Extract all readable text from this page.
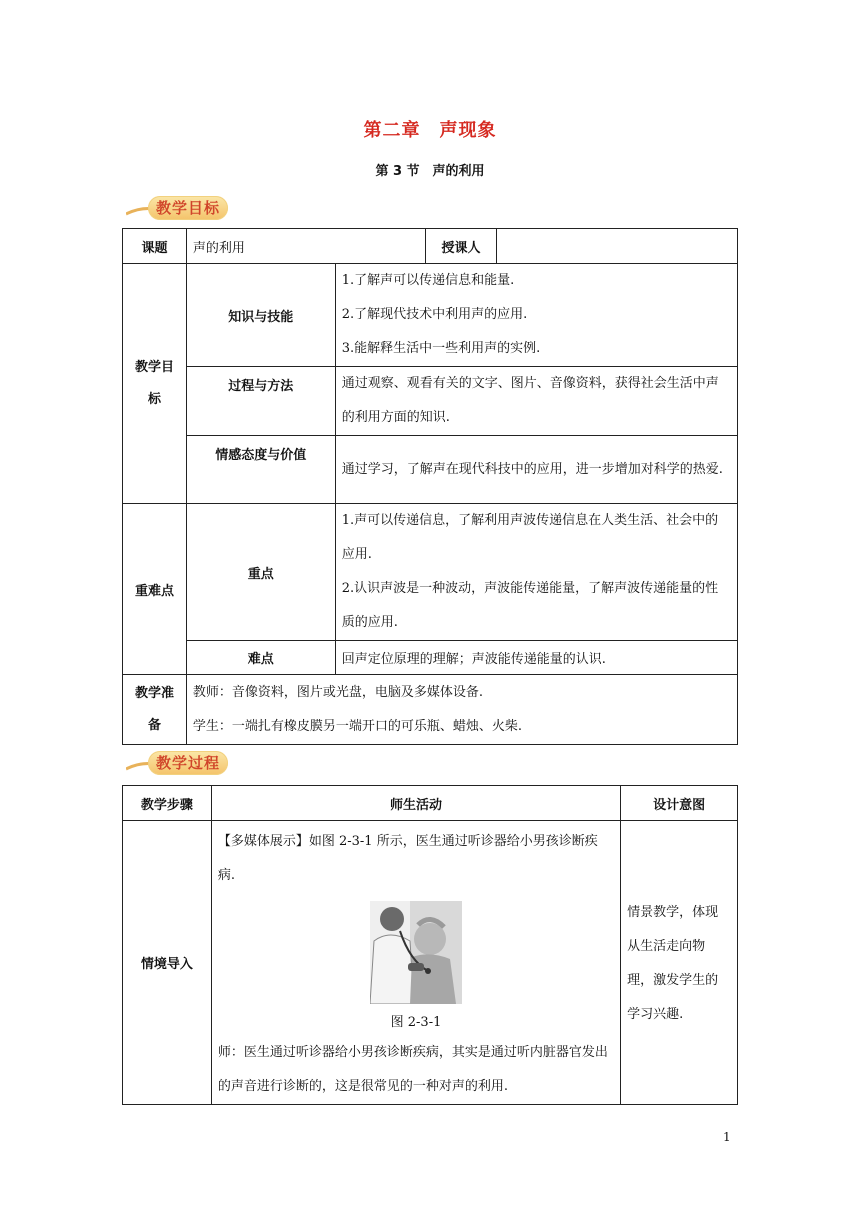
第二章　声现象
第 3 节　声的利用
教学目标
课题	声的利用		授课人	
教学目标	知识与技能	1.了解声可以传递信息和能量.

2.了解现代技术中利用声的应用.

3.能解释生活中一些利用声的实例.		

	过程与方法	通过观察、观看有关的文字、图片、音像资料，获得社会生活中声的利用方面的知识.		
	情感态度与价值	通过学习，了解声在现代科技中的应用，进一步增加对科学的热爱.		
重难点	重点	1.声可以传递信息，了解利用声波传递信息在人类生活、社会中的应用.

2.认识声波是一种波动，声波能传递能量，了解声波传递能量的性质的应用.		

	难点	回声定位原理的理解；声波能传递能量的认识.		
教学准备	教师：音像资料，图片或光盘，电脑及多媒体设备.

学生：一端扎有橡皮膜另一端开口的可乐瓶、蜡烛、火柴.			

教学过程
教学步骤	师生活动	设计意图
情境导入	【多媒体展示】如图 2-3-1 所示，医生通过听诊器给小男孩诊断疾病.
图 2-3-1
师：医生通过听诊器给小男孩诊断疾病，其实是通过听内脏器官发出的声音进行诊断的，这是很常见的一种对声的利用.	情景教学，体现从生活走向物理，激发学生的学习兴趣.
1
